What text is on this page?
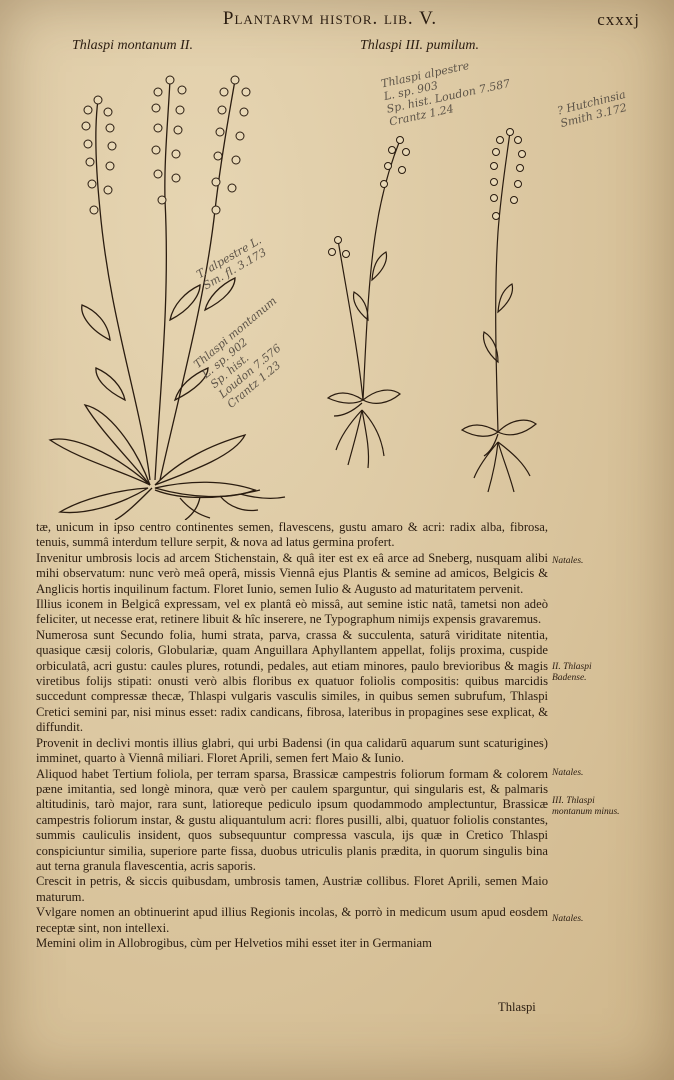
Plantarvm histor. lib. V.	cxxxj
Thlaspi montanum II.	Thlaspi III. pumilum.
Thlaspi alpestre
L. sp. 903
Sp. hist. Loudon 7.587
Crantz 1.24	? Hutchinsia
Smith 3.172
T. alpestre L.
Sm. fl. 3.173
Thlaspi montanum
L. sp. 902
Sp. hist.
Loudon 7.576
Crantz 1.23

tæ, unicum in ipso centro continentes semen, flavescens, gustu amaro & acri: radix alba, fibrosa, tenuis, summâ interdum tellure serpit, & nova ad latus germina profert.

Invenitur umbrosis locis ad arcem Stichenstain, & quâ iter est ex eâ arce ad Sneberg, nusquam alibi mihi observatum: nunc verò meâ operâ, missis Viennâ ejus Plantis & semine ad amicos, Belgicis & Anglicis hortis inquilinum factum. Floret Iunio, semen Iulio & Augusto ad maturitatem pervenit.

Illius iconem in Belgicâ expressam, vel ex plantâ eò missâ, aut semine istic natâ, tametsi non adeò feliciter, ut necesse erat, retinere libuit & hîc inserere, ne Typographum nimijs expensis gravaremus.

Numerosa sunt Secundo folia, humi strata, parva, crassa & succulenta, saturâ viriditate nitentia, quasique cæsij coloris, Globulariæ, quam Anguillara Aphyllantem appellat, folijs proxima, cuspide orbiculatâ, acri gustu: caules plures, rotundi, pedales, aut etiam minores, paulo brevioribus & magis viretibus folijs stipati: onusti verò albis floribus ex quatuor foliolis compositis: quibus marcidis succedunt compressæ thecæ, Thlaspi vulgaris vasculis similes, in quibus semen subrufum, Thlaspi Cretici semini par, nisi minus esset: radix candicans, fibrosa, lateribus in propagines sese explicat, & diffundit.

Provenit in declivi montis illius glabri, qui urbi Badensi (in qua calidarū aquarum sunt scaturigines) imminet, quarto à Viennâ miliari. Floret Aprili, semen fert Maio & Iunio.

Aliquod habet Tertium foliola, per terram sparsa, Brassicæ campestris foliorum formam & colorem pæne imitantia, sed longè minora, quæ verò per caulem sparguntur, qui singularis est, & palmaris altitudinis, tarò major, rara sunt, latioreque pediculo ipsum quodammodo amplectuntur, Brassicæ campestris foliorum instar, & gustu aliquantulum acri: flores pusilli, albi, quatuor foliolis constantes, summis cauliculis insident, quos subsequuntur compressa vascula, ijs quæ in Cretico Thlaspi conspiciuntur similia, superiore parte fissa, duobus utriculis planis prædita, in quorum singulis bina aut terna granula flavescentia, acris saporis.

Crescit in petris, & siccis quibusdam, umbrosis tamen, Austriæ collibus. Floret Aprili, semen Maio maturum.

Vvlgare nomen an obtinuerint apud illius Regionis incolas, & porrò in medicum usum apud eosdem receptæ sint, non intellexi.

Memini olim in Allobrogibus, cùm per Helvetios mihi esset iter in Germaniam

Thlaspi
Natales.
II. Thlaspi Badense.
Natales.
III. Thlaspi montanum minus.
Natales.
